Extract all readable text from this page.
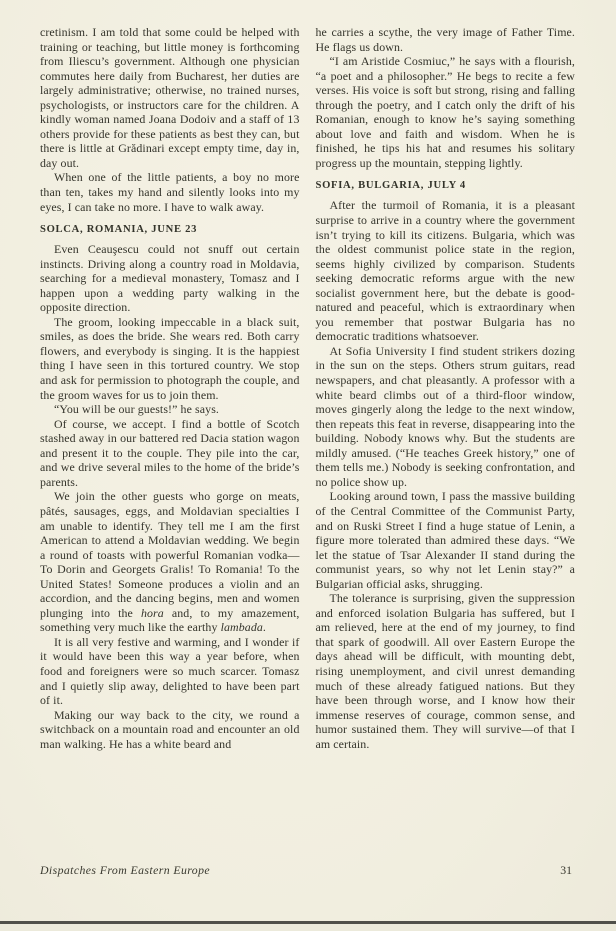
cretinism. I am told that some could be helped with training or teaching, but little money is forthcoming from Iliescu’s government. Although one physician commutes here daily from Bucharest, her duties are largely administrative; otherwise, no trained nurses, psychologists, or instructors care for the children. A kindly woman named Joana Dodoiv and a staff of 13 others provide for these patients as best they can, but there is little at Grădinari except empty time, day in, day out.

When one of the little patients, a boy no more than ten, takes my hand and silently looks into my eyes, I can take no more. I have to walk away.

SOLCA, ROMANIA, JUNE 23

Even Ceauşescu could not snuff out certain instincts. Driving along a country road in Moldavia, searching for a medieval monastery, Tomasz and I happen upon a wedding party walking in the opposite direction.

The groom, looking impeccable in a black suit, smiles, as does the bride. She wears red. Both carry flowers, and everybody is singing. It is the happiest thing I have seen in this tortured country. We stop and ask for permission to photograph the couple, and the groom waves for us to join them.

“You will be our guests!” he says.

Of course, we accept. I find a bottle of Scotch stashed away in our battered red Dacia station wagon and present it to the couple. They pile into the car, and we drive several miles to the home of the bride’s parents.

We join the other guests who gorge on meats, pâtés, sausages, eggs, and Moldavian specialties I am unable to identify. They tell me I am the first American to attend a Moldavian wedding. We begin a round of toasts with powerful Romanian vodka—To Dorin and Georgets Gralis! To Romania! To the United States! Someone produces a violin and an accordion, and the dancing begins, men and women plunging into the hora and, to my amazement, something very much like the earthy lambada.

It is all very festive and warming, and I wonder if it would have been this way a year before, when food and foreigners were so much scarcer. Tomasz and I quietly slip away, delighted to have been part of it.

Making our way back to the city, we round a switchback on a mountain road and encounter an old man walking. He has a white beard and

he carries a scythe, the very image of Father Time. He flags us down.

“I am Aristide Cosmiuc,” he says with a flourish, “a poet and a philosopher.” He begs to recite a few verses. His voice is soft but strong, rising and falling through the poetry, and I catch only the drift of his Romanian, enough to know he’s saying something about love and faith and wisdom. When he is finished, he tips his hat and resumes his solitary progress up the mountain, stepping lightly.

SOFIA, BULGARIA, JULY 4

After the turmoil of Romania, it is a pleasant surprise to arrive in a country where the government isn’t trying to kill its citizens. Bulgaria, which was the oldest communist police state in the region, seems highly civilized by comparison. Students seeking democratic reforms argue with the new socialist government here, but the debate is good-natured and peaceful, which is extraordinary when you remember that postwar Bulgaria has no democratic traditions whatsoever.

At Sofia University I find student strikers dozing in the sun on the steps. Others strum guitars, read newspapers, and chat pleasantly. A professor with a white beard climbs out of a third-floor window, moves gingerly along the ledge to the next window, then repeats this feat in reverse, disappearing into the building. Nobody knows why. But the students are mildly amused. (“He teaches Greek history,” one of them tells me.) Nobody is seeking confrontation, and no police show up.

Looking around town, I pass the massive building of the Central Committee of the Communist Party, and on Ruski Street I find a huge statue of Lenin, a figure more tolerated than admired these days. “We let the statue of Tsar Alexander II stand during the communist years, so why not let Lenin stay?” a Bulgarian official asks, shrugging.

The tolerance is surprising, given the suppression and enforced isolation Bulgaria has suffered, but I am relieved, here at the end of my journey, to find that spark of goodwill. All over Eastern Europe the days ahead will be difficult, with mounting debt, rising unemployment, and civil unrest demanding much of these already fatigued nations. But they have been through worse, and I know how their immense reserves of courage, common sense, and humor sustained them. They will survive—of that I am certain.

Dispatches From Eastern Europe	31
